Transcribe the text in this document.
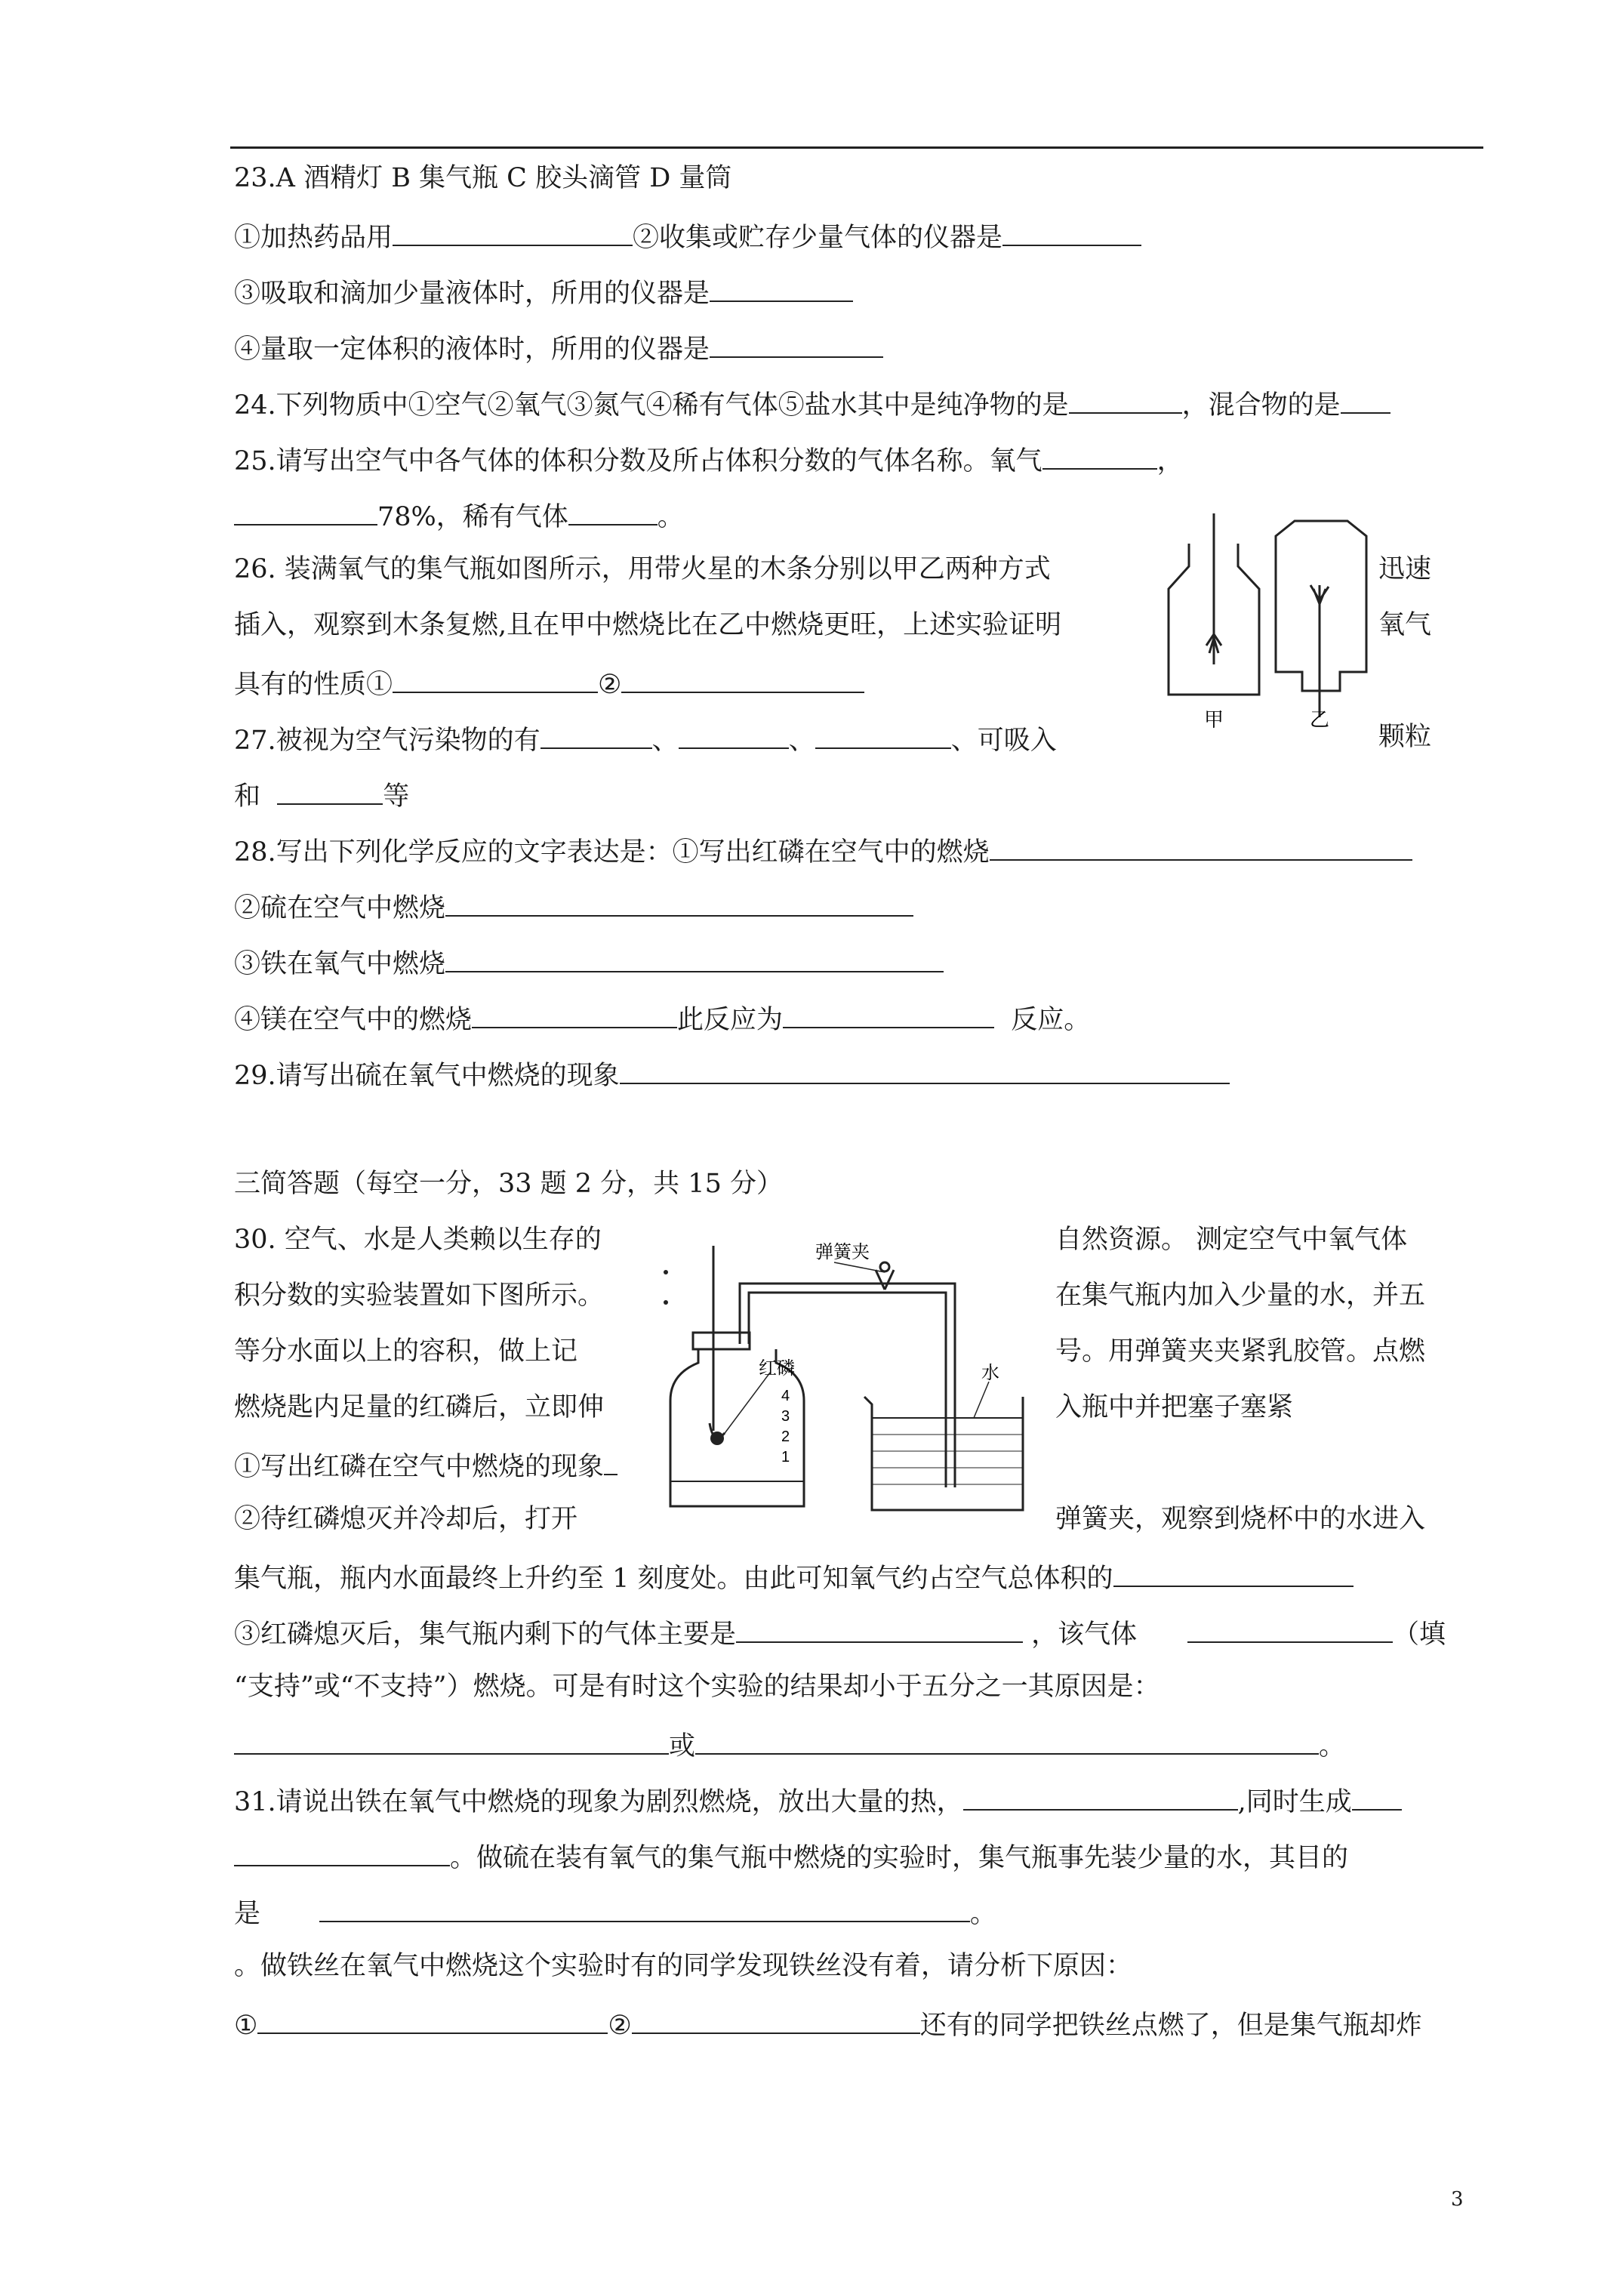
23.A 酒精灯 B 集气瓶 C 胶头滴管 D 量筒
①加热药品用	②收集或贮存少量气体的仪器是
③吸取和滴加少量液体时，所用的仪器是
④量取一定体积的液体时，所用的仪器是
24.下列物质中①空气②氧气③氮气④稀有气体⑤盐水其中是纯净物的是	，混合物的是
25.请写出空气中各气体的体积分数及所占体积分数的气体名称。氧气	，
78%，稀有气体	。
26. 装满氧气的集气瓶如图所示，用带火星的木条分别以甲乙两种方式	迅速
插入，观察到木条复燃,且在甲中燃烧比在乙中燃烧更旺，上述实验证明	氧气
具有的性质①	②
甲	乙
27.被视为空气污染物的有	、	、	、可吸入	颗粒
和	等
28.写出下列化学反应的文字表达是：①写出红磷在空气中的燃烧
②硫在空气中燃烧
③铁在氧气中燃烧
④镁在空气中的燃烧	此反应为	反应。
29.请写出硫在氧气中燃烧的现象
三简答题（每空一分，33 题 2 分，共 15 分）
30. 空气、水是人类赖以生存的	自然资源。 测定空气中氧气体
积分数的实验装置如下图所示。	在集气瓶内加入少量的水，并五
等分水面以上的容积，做上记	号。用弹簧夹夹紧乳胶管。点燃
燃烧匙内足量的红磷后，立即伸	入瓶中并把塞子塞紧
①写出红磷在空气中燃烧的现象
②待红磷熄灭并冷却后，打开	弹簧夹，观察到烧杯中的水进入
集气瓶，瓶内水面最终上升约至 1 刻度处。由此可知氧气约占空气总体积的
③红磷熄灭后，集气瓶内剩下的气体主要是	，该气体	（填
“支持”或“不支持”）燃烧。可是有时这个实验的结果却小于五分之一其原因是：
或	。
弹簧夹
红磷	水
4
3
2
1
31.请说出铁在氧气中燃烧的现象为剧烈燃烧，放出大量的热，	,同时生成
。做硫在装有氧气的集气瓶中燃烧的实验时，集气瓶事先装少量的水，其目的
是	。
。做铁丝在氧气中燃烧这个实验时有的同学发现铁丝没有着，请分析下原因：
①	②	还有的同学把铁丝点燃了，但是集气瓶却炸
3
